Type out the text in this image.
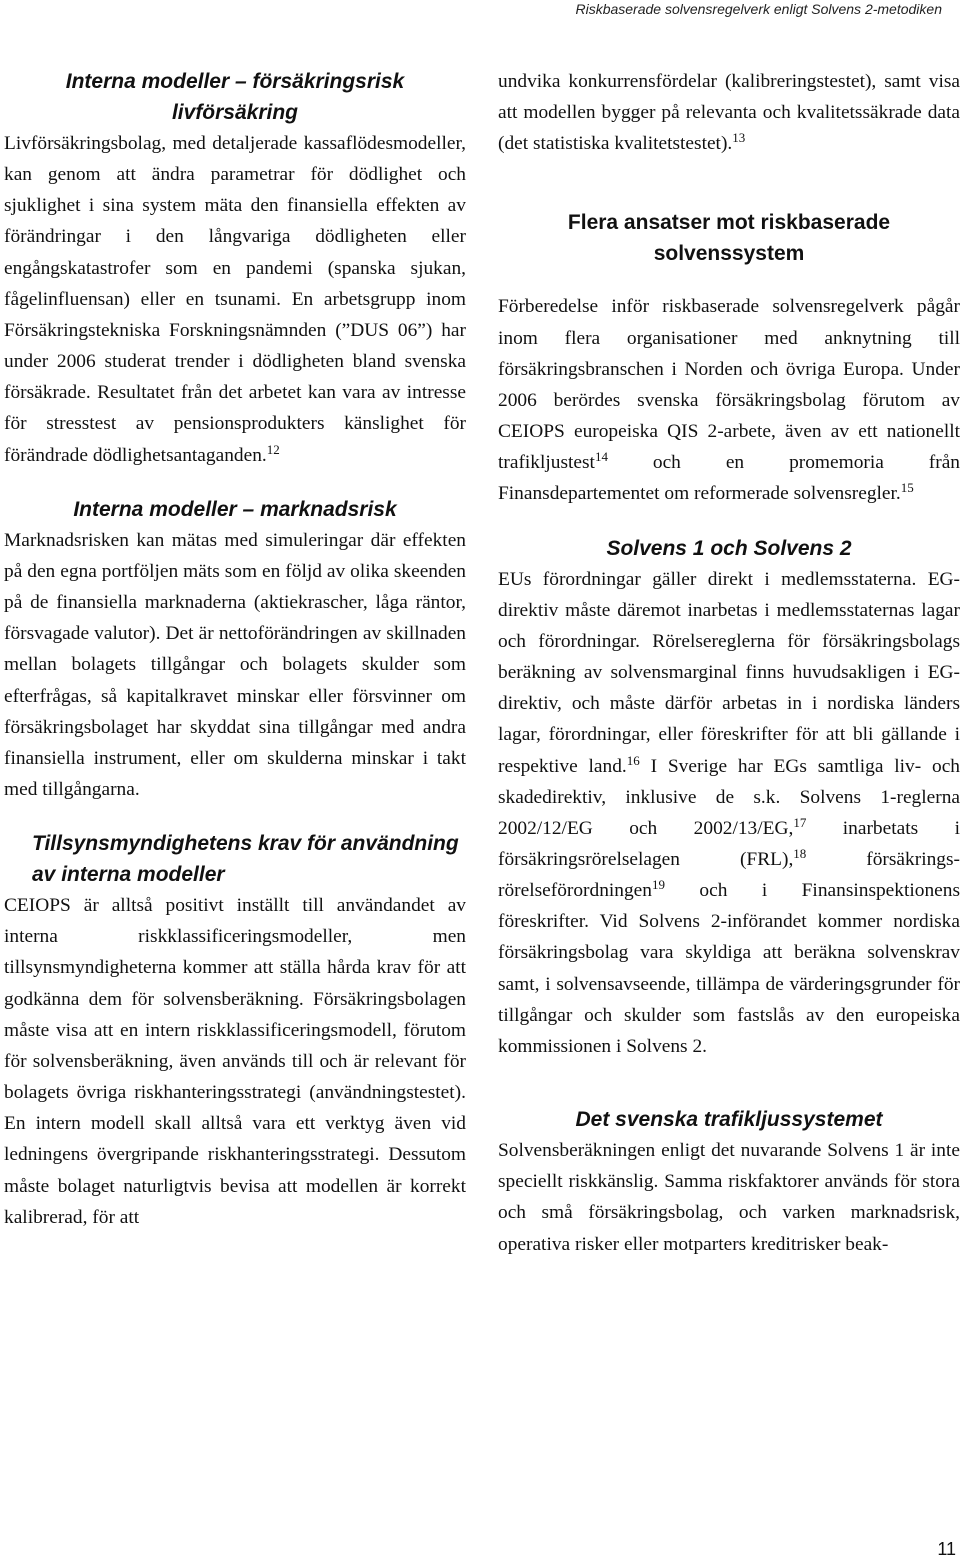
Riskbaserade solvensregelverk enligt Solvens 2-metodiken
Interna modeller – försäkringsrisk livförsäkring

Livförsäkringsbolag, med detaljerade kassaflödesmodeller, kan genom att ändra parametrar för dödlighet och sjuklighet i sina system mäta den finansiella effekten av förändringar i den långvariga dödligheten eller engångskatastrofer som en pandemi (spanska sjukan, fågelinfluensan) eller en tsunami. En arbetsgrupp inom Försäkringstekniska Forskningsnämnden (”DUS 06”) har under 2006 studerat trender i dödligheten bland svenska försäkrade. Resultatet från det arbetet kan vara av intresse för stresstest av pensionsprodukters känslighet för förändrade dödlighetsantaganden.$^{12}$

Interna modeller – marknadsrisk

Marknadsrisken kan mätas med simuleringar där effekten på den egna portföljen mäts som en följd av olika skeenden på de finansiella marknaderna (aktiekrascher, låga räntor, försvagade valutor). Det är nettoförändringen av skillnaden mellan bolagets tillgångar och bolagets skulder som efterfrågas, så kapitalkravet minskar eller försvinner om försäkringsbolaget har skyddat sina tillgångar med andra finansiella instrument, eller om skulderna minskar i takt med tillgångarna.

Tillsynsmyndighetens krav för användning av interna modeller

CEIOPS är alltså positivt inställt till användandet av interna riskklassificeringsmodeller, men tillsynsmyndigheterna kommer att ställa hårda krav för att godkänna dem för solvensberäkning. Försäkringsbolagen måste visa att en intern riskklassificeringsmodell, förutom för solvensberäkning, även används till och är relevant för bolagets övriga riskhanteringsstrategi (användningstestet). En intern modell skall alltså vara ett verktyg även vid ledningens övergripande riskhanteringsstrategi. Dessutom måste bolaget naturligtvis bevisa att modellen är korrekt kalibrerad, för att

undvika konkurrensfördelar (kalibreringstestet), samt visa att modellen bygger på relevanta och kvalitetssäkrade data (det statistiska kvalitetstestet).$^{13}$

Flera ansatser mot riskbaserade solvenssystem

Förberedelse inför riskbaserade solvensregelverk pågår inom flera organisationer med anknytning till försäkringsbranschen i Norden och övriga Europa. Under 2006 berördes svenska försäkringsbolag förutom av CEIOPS europeiska QIS 2-arbete, även av ett nationellt trafikljustest$^{14}$ och en promemoria från Finansdepartementet om reformerade solvensregler.$^{15}$

Solvens 1 och Solvens 2

EUs förordningar gäller direkt i medlemsstaterna. EG-direktiv måste däremot inarbetas i medlemsstaternas lagar och förordningar. Rörelsereglerna för försäkringsbolags beräkning av solvensmarginal finns huvudsakligen i EG-direktiv, och måste därför arbetas in i nordiska länders lagar, förordningar, eller föreskrifter för att bli gällande i respektive land.$^{16}$ I Sverige har EGs samtliga liv- och skadedirektiv, inklusive de s.k. Solvens 1-reglerna 2002/12/EG och 2002/13/EG,$^{17}$ inarbetats i försäkringsrörelselagen (FRL),$^{18}$ försäkringsrörelseförordningen$^{19}$ och i Finansinspektionens föreskrifter. Vid Solvens 2-införandet kommer nordiska försäkringsbolag vara skyldiga att beräkna solvenskrav samt, i solvensavseende, tillämpa de värderingsgrunder för tillgångar och skulder som fastslås av den europeiska kommissionen i Solvens 2.

Det svenska trafikljussystemet

Solvensberäkningen enligt det nuvarande Solvens 1 är inte speciellt riskkänslig. Samma riskfaktorer används för stora och små försäkringsbolag, och varken marknadsrisk, operativa risker eller motparters kreditrisker beak-

11
